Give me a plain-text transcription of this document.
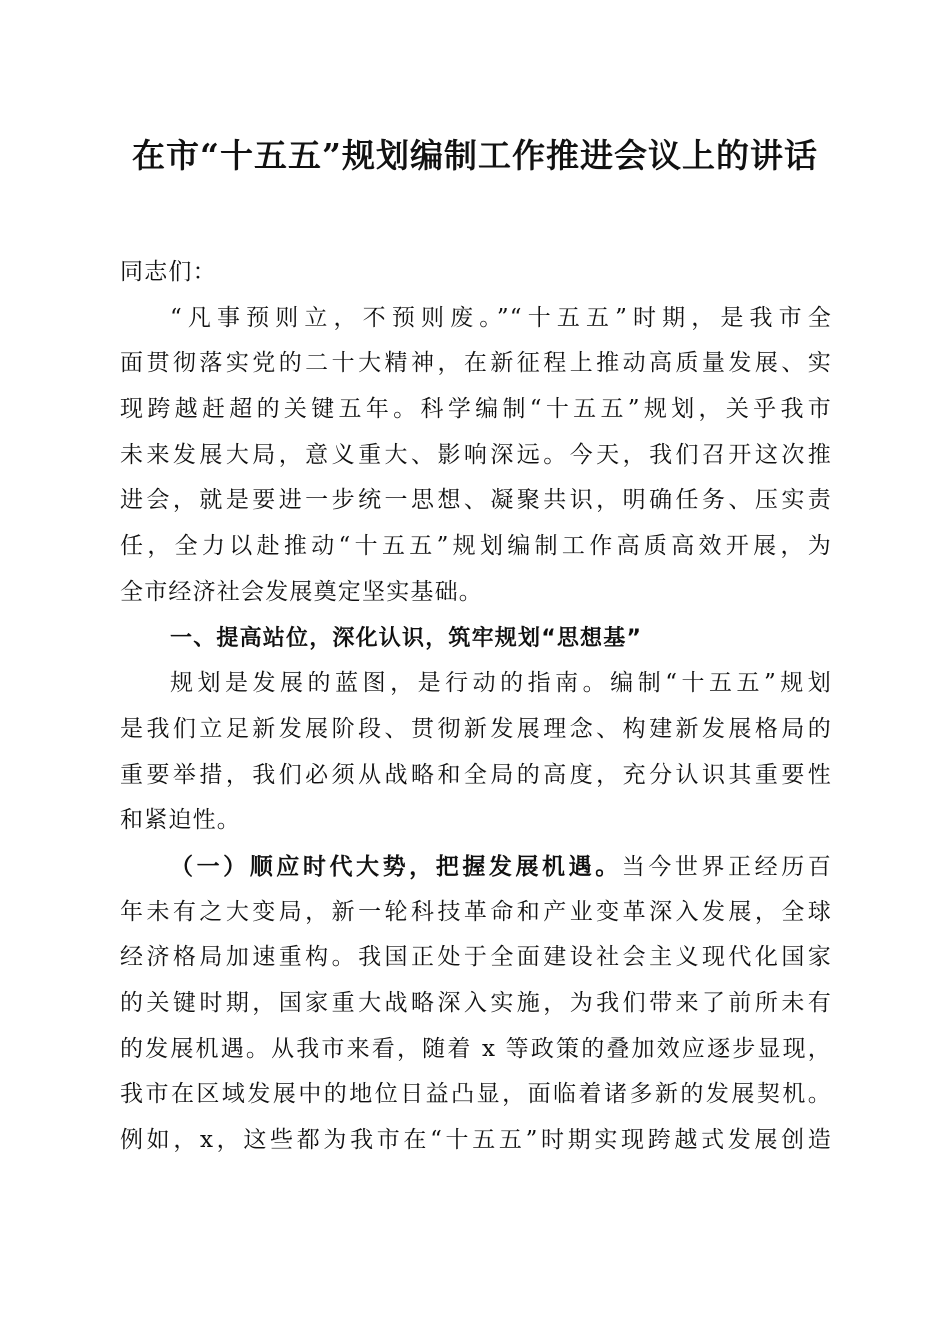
在市“十五五”规划编制工作推进会议上的讲话
同志们：
“凡事预则立，不预则废。”“十五五”时期，是我市全
面贯彻落实党的二十大精神，在新征程上推动高质量发展、实
现跨越赶超的关键五年。科学编制“十五五”规划，关乎我市
未来发展大局，意义重大、影响深远。今天，我们召开这次推
进会，就是要进一步统一思想、凝聚共识，明确任务、压实责
任，全力以赴推动“十五五”规划编制工作高质高效开展，为
全市经济社会发展奠定坚实基础。
一、提高站位，深化认识，筑牢规划“思想基”
规划是发展的蓝图，是行动的指南。编制“十五五”规划
是我们立足新发展阶段、贯彻新发展理念、构建新发展格局的
重要举措，我们必须从战略和全局的高度，充分认识其重要性
和紧迫性。
（一）顺应时代大势，把握发展机遇。当今世界正经历百
年未有之大变局，新一轮科技革命和产业变革深入发展，全球
经济格局加速重构。我国正处于全面建设社会主义现代化国家
的关键时期，国家重大战略深入实施，为我们带来了前所未有
的发展机遇。从我市来看，随着 x 等政策的叠加效应逐步显现，
我市在区域发展中的地位日益凸显，面临着诸多新的发展契机。
例如，x，这些都为我市在“十五五”时期实现跨越式发展创造
